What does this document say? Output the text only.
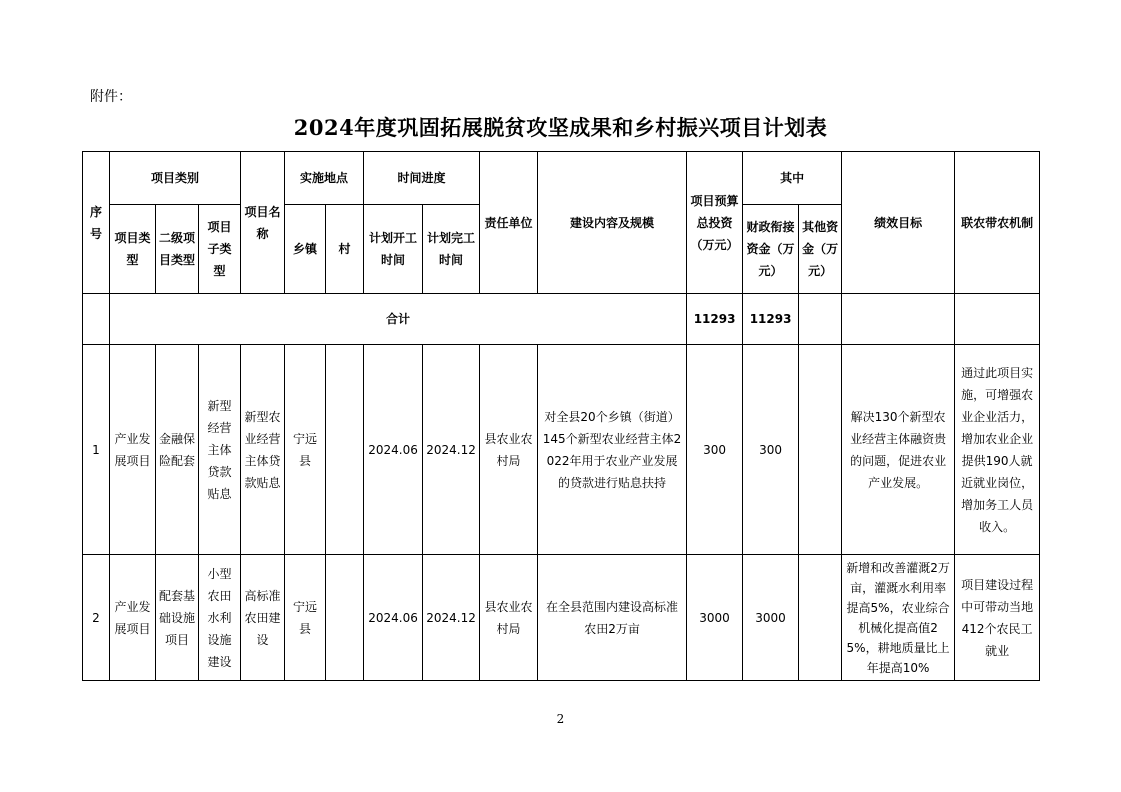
附件：
2024年度巩固拓展脱贫攻坚成果和乡村振兴项目计划表
序号	项目类别			项目名称	实施地点		时间进度		责任单位	建设内容及规模	项目预算总投资（万元）	其中		绩效目标	联农带农机制
	项目类型	二级项目类型	项目子类型		乡镇	村	计划开工时间	计划完工时间				财政衔接资金（万元）	其他资金（万元）		
	合计										11293	11293			
1	产业发展项目	金融保险配套	新型经营主体贷款贴息	新型农业经营主体贷款贴息	宁远县		2024.06	2024.12	县农业农村局	对全县20个乡镇（街道）145个新型农业经营主体2022年用于农业产业发展的贷款进行贴息扶持	300	300		解决130个新型农业经营主体融资贵的问题，促进农业产业发展。	通过此项目实施，可增强农业企业活力，增加农业企业提供190人就近就业岗位，增加务工人员收入。
2	产业发展项目	配套基础设施项目	小型农田水利设施建设	高标准农田建设	宁远县		2024.06	2024.12	县农业农村局	在全县范围内建设高标准农田2万亩	3000	3000		新增和改善灌溉2万亩，灌溉水利用率提高5%，农业综合机械化提高值25%，耕地质量比上年提高10%	项目建设过程中可带动当地412个农民工就业
2
